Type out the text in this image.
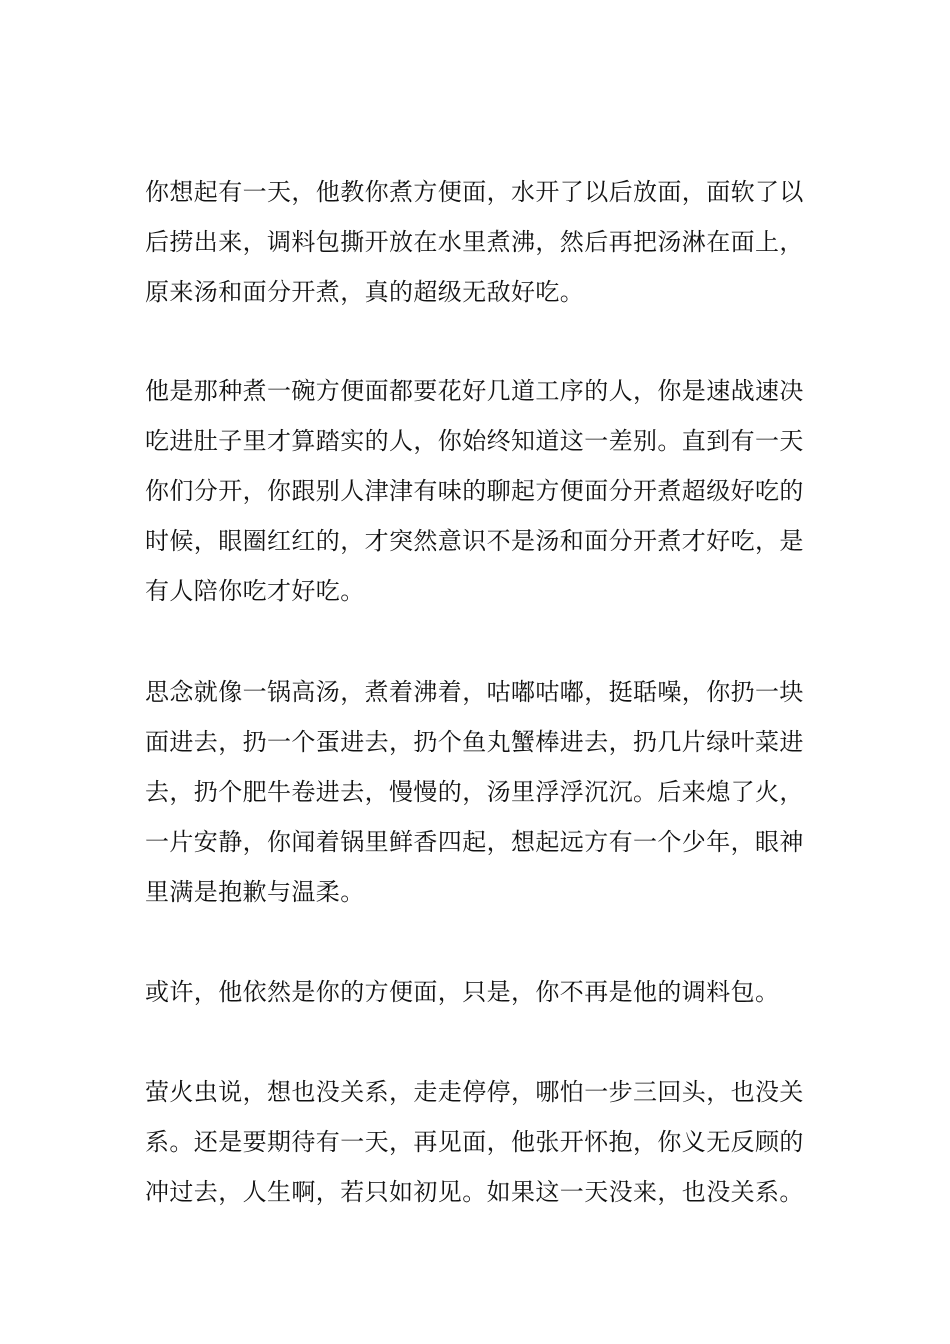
你想起有一天，他教你煮方便面，水开了以后放面，面软了以
后捞出来，调料包撕开放在水里煮沸，然后再把汤淋在面上，
原来汤和面分开煮，真的超级无敌好吃。
他是那种煮一碗方便面都要花好几道工序的人，你是速战速决
吃进肚子里才算踏实的人，你始终知道这一差别。直到有一天
你们分开，你跟别人津津有味的聊起方便面分开煮超级好吃的
时候，眼圈红红的，才突然意识不是汤和面分开煮才好吃，是
有人陪你吃才好吃。
思念就像一锅高汤，煮着沸着，咕嘟咕嘟，挺聒噪，你扔一块
面进去，扔一个蛋进去，扔个鱼丸蟹棒进去，扔几片绿叶菜进
去，扔个肥牛卷进去，慢慢的，汤里浮浮沉沉。后来熄了火，
一片安静，你闻着锅里鲜香四起，想起远方有一个少年，眼神
里满是抱歉与温柔。
或许，他依然是你的方便面，只是，你不再是他的调料包。
萤火虫说，想也没关系，走走停停，哪怕一步三回头，也没关
系。还是要期待有一天，再见面，他张开怀抱，你义无反顾的
冲过去，人生啊，若只如初见。如果这一天没来，也没关系。
